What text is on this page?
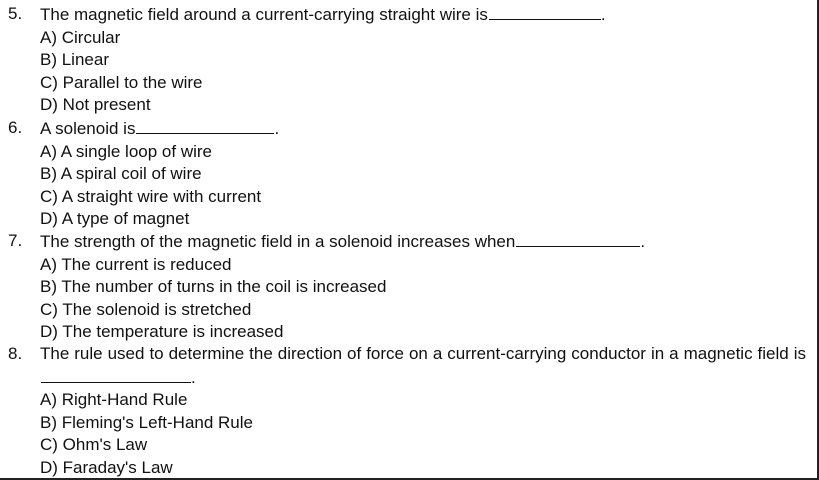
5.	The magnetic field around a current-carrying straight wire is	.
A) Circular
B) Linear
C) Parallel to the wire
D) Not present
6.	A solenoid is	.
A) A single loop of wire
B) A spiral coil of wire
C) A straight wire with current
D) A type of magnet
7.	The strength of the magnetic field in a solenoid increases when	.
A) The current is reduced
B) The number of turns in the coil is increased
C) The solenoid is stretched
D) The temperature is increased
8.	The rule used to determine the direction of force on a current-carrying conductor in a magnetic field is.
A) Right-Hand Rule
B) Fleming's Left-Hand Rule
C) Ohm's Law
D) Faraday's Law
